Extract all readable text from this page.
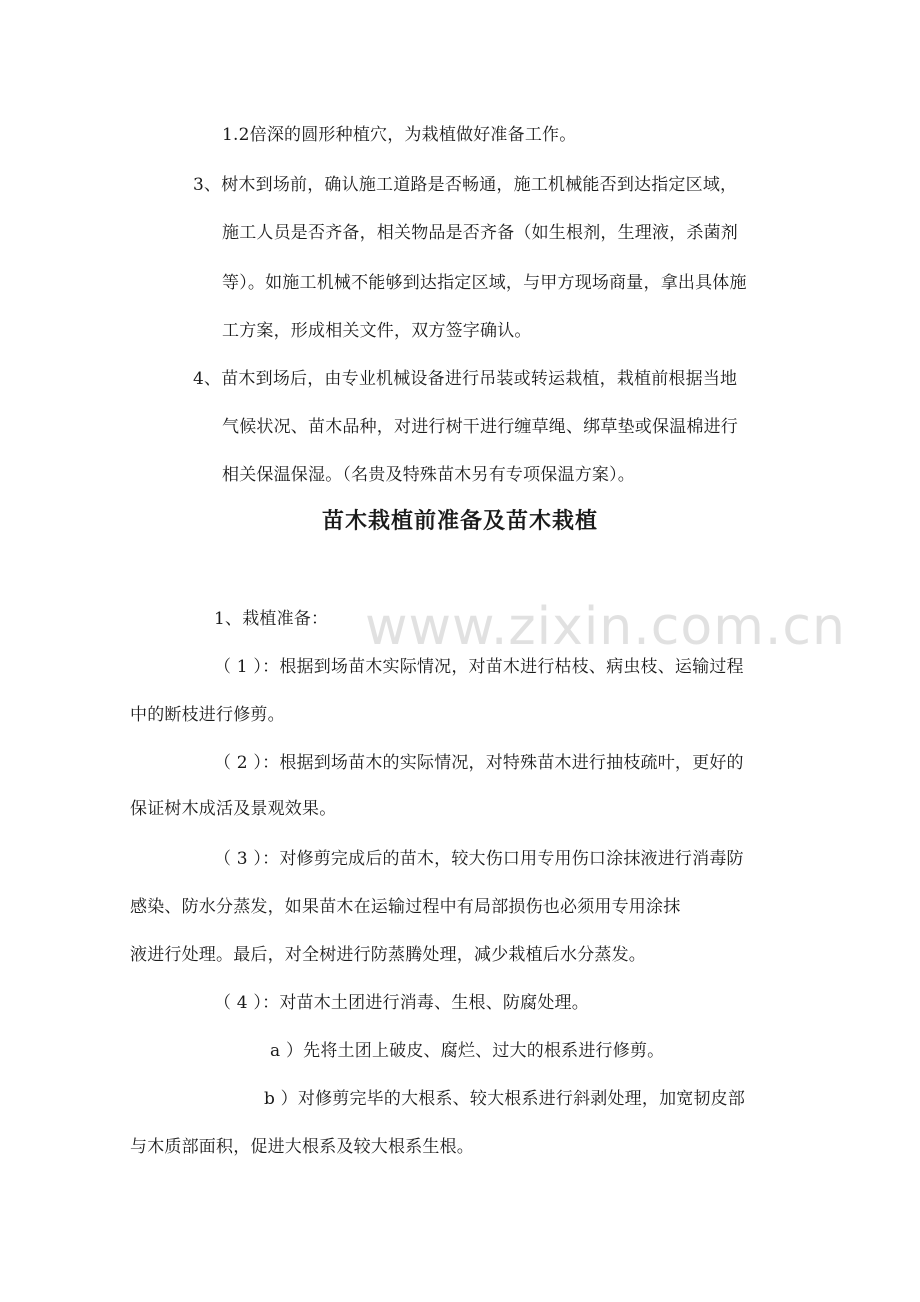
www.zixin.com.cn
1.2倍深的圆形种植穴，为栽植做好准备工作。
3、树木到场前，确认施工道路是否畅通，施工机械能否到达指定区域，
施工人员是否齐备，相关物品是否齐备（如生根剂，生理液，杀菌剂
等）。如施工机械不能够到达指定区域，与甲方现场商量，拿出具体施
工方案，形成相关文件，双方签字确认。
4、苗木到场后，由专业机械设备进行吊装或转运栽植，栽植前根据当地
气候状况、苗木品种，对进行树干进行缠草绳、绑草垫或保温棉进行
相关保温保湿。（名贵及特殊苗木另有专项保温方案）。
苗木栽植前准备及苗木栽植
1、栽植准备：
（ 1 ）：根据到场苗木实际情况，对苗木进行枯枝、病虫枝、运输过程
中的断枝进行修剪。
（ 2 ）：根据到场苗木的实际情况，对特殊苗木进行抽枝疏叶，更好的
保证树木成活及景观效果。
（ 3 ）：对修剪完成后的苗木，较大伤口用专用伤口涂抹液进行消毒防
感染、防水分蒸发，如果苗木在运输过程中有局部损伤也必须用专用涂抹
液进行处理。最后，对全树进行防蒸腾处理，减少栽植后水分蒸发。
（ 4 ）：对苗木土团进行消毒、生根、防腐处理。
a ）先将土团上破皮、腐烂、过大的根系进行修剪。
b ）对修剪完毕的大根系、较大根系进行斜剥处理，加宽韧皮部
与木质部面积，促进大根系及较大根系生根。
